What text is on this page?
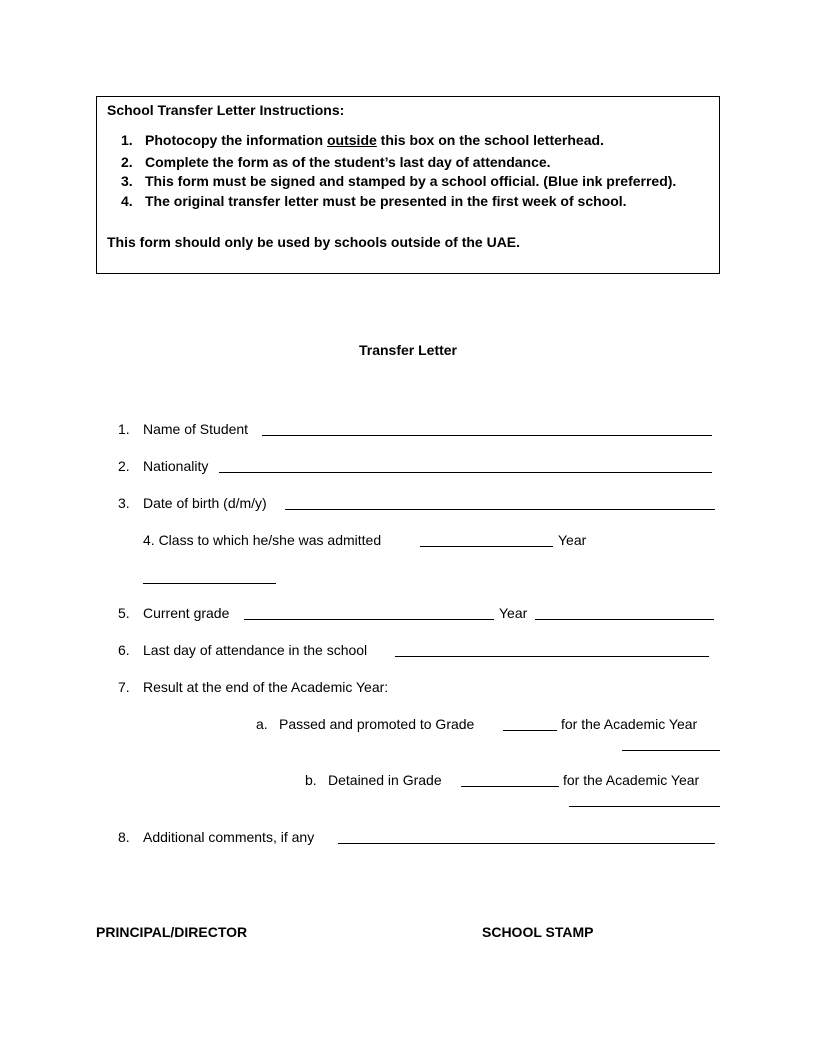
School Transfer Letter Instructions:
1. Photocopy the information outside this box on the school letterhead.
2. Complete the form as of the student’s last day of attendance.
3. This form must be signed and stamped by a school official. (Blue ink preferred).
4. The original transfer letter must be presented in the first week of school.
This form should only be used by schools outside of the UAE.
Transfer Letter
1. Name of Student
2. Nationality
3. Date of birth (d/m/y)
4. Class to which he/she was admitted	Year
5. Current grade	Year
6. Last day of attendance in the school
7. Result at the end of the Academic Year:
a. Passed and promoted to Grade	for the Academic Year
b. Detained in Grade	for the Academic Year
8. Additional comments, if any
PRINCIPAL/DIRECTOR	SCHOOL STAMP
